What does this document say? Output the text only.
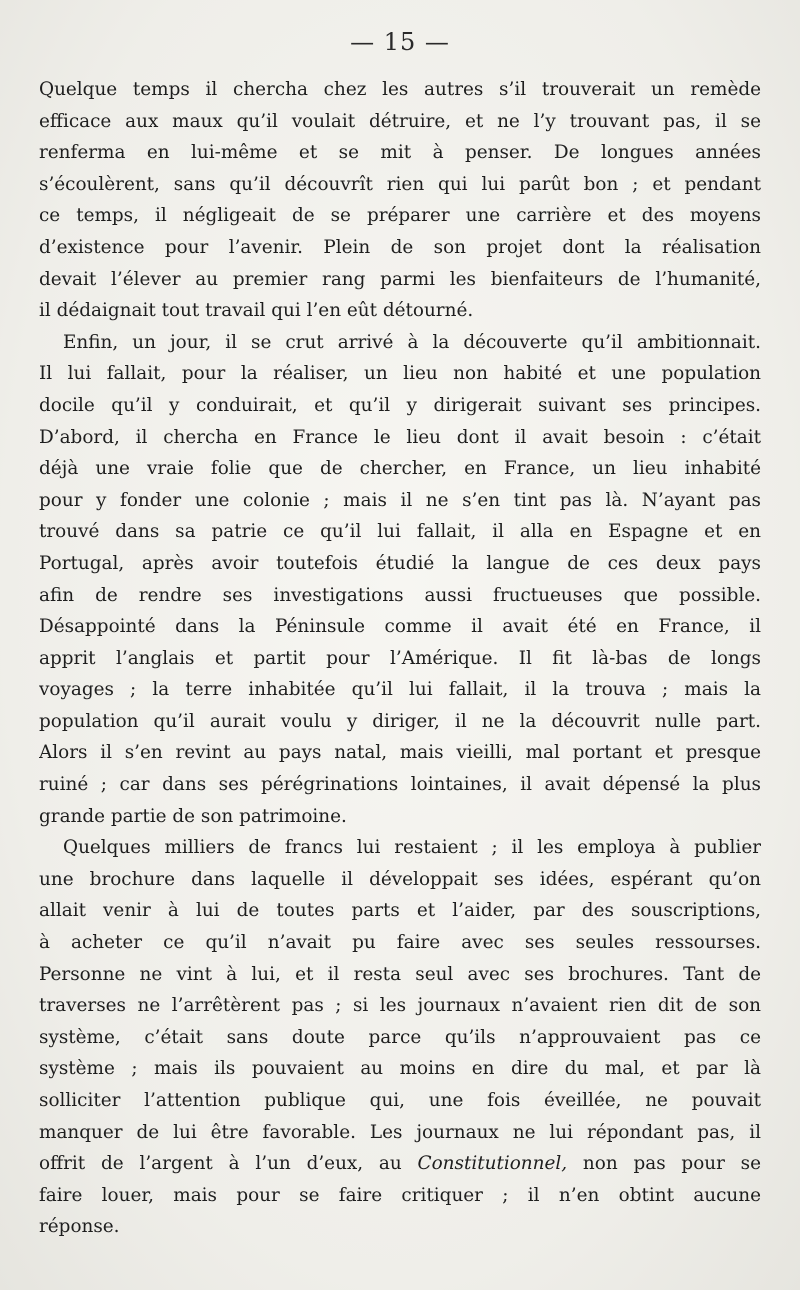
— 15 —
Quelque temps il chercha chez les autres s’il trouverait un remède
efficace aux maux qu’il voulait détruire, et ne l’y trouvant pas, il se
renferma en lui-même et se mit à penser. De longues années
s’écoulèrent, sans qu’il découvrît rien qui lui parût bon ; et pendant
ce temps, il négligeait de se préparer une carrière et des moyens
d’existence pour l’avenir. Plein de son projet dont la réalisation
devait l’élever au premier rang parmi les bienfaiteurs de l’humanité,
il dédaignait tout travail qui l’en eût détourné.
Enfin, un jour, il se crut arrivé à la découverte qu’il ambitionnait.
Il lui fallait, pour la réaliser, un lieu non habité et une population
docile qu’il y conduirait, et qu’il y dirigerait suivant ses principes.
D’abord, il chercha en France le lieu dont il avait besoin : c’était
déjà une vraie folie que de chercher, en France, un lieu inhabité
pour y fonder une colonie ; mais il ne s’en tint pas là. N’ayant pas
trouvé dans sa patrie ce qu’il lui fallait, il alla en Espagne et en
Portugal, après avoir toutefois étudié la langue de ces deux pays
afin de rendre ses investigations aussi fructueuses que possible.
Désappointé dans la Péninsule comme il avait été en France, il
apprit l’anglais et partit pour l’Amérique. Il fit là-bas de longs
voyages ; la terre inhabitée qu’il lui fallait, il la trouva ; mais la
population qu’il aurait voulu y diriger, il ne la découvrit nulle part.
Alors il s’en revint au pays natal, mais vieilli, mal portant et presque
ruiné ; car dans ses pérégrinations lointaines, il avait dépensé la plus
grande partie de son patrimoine.
Quelques milliers de francs lui restaient ; il les employa à publier
une brochure dans laquelle il développait ses idées, espérant qu’on
allait venir à lui de toutes parts et l’aider, par des souscriptions,
à acheter ce qu’il n’avait pu faire avec ses seules ressourses.
Personne ne vint à lui, et il resta seul avec ses brochures. Tant de
traverses ne l’arrêtèrent pas ; si les journaux n’avaient rien dit de son
système, c’était sans doute parce qu’ils n’approuvaient pas ce
système ; mais ils pouvaient au moins en dire du mal, et par là
solliciter l’attention publique qui, une fois éveillée, ne pouvait
manquer de lui être favorable. Les journaux ne lui répondant pas, il
offrit de l’argent à l’un d’eux, au Constitutionnel, non pas pour se
faire louer, mais pour se faire critiquer ; il n’en obtint aucune
réponse.
